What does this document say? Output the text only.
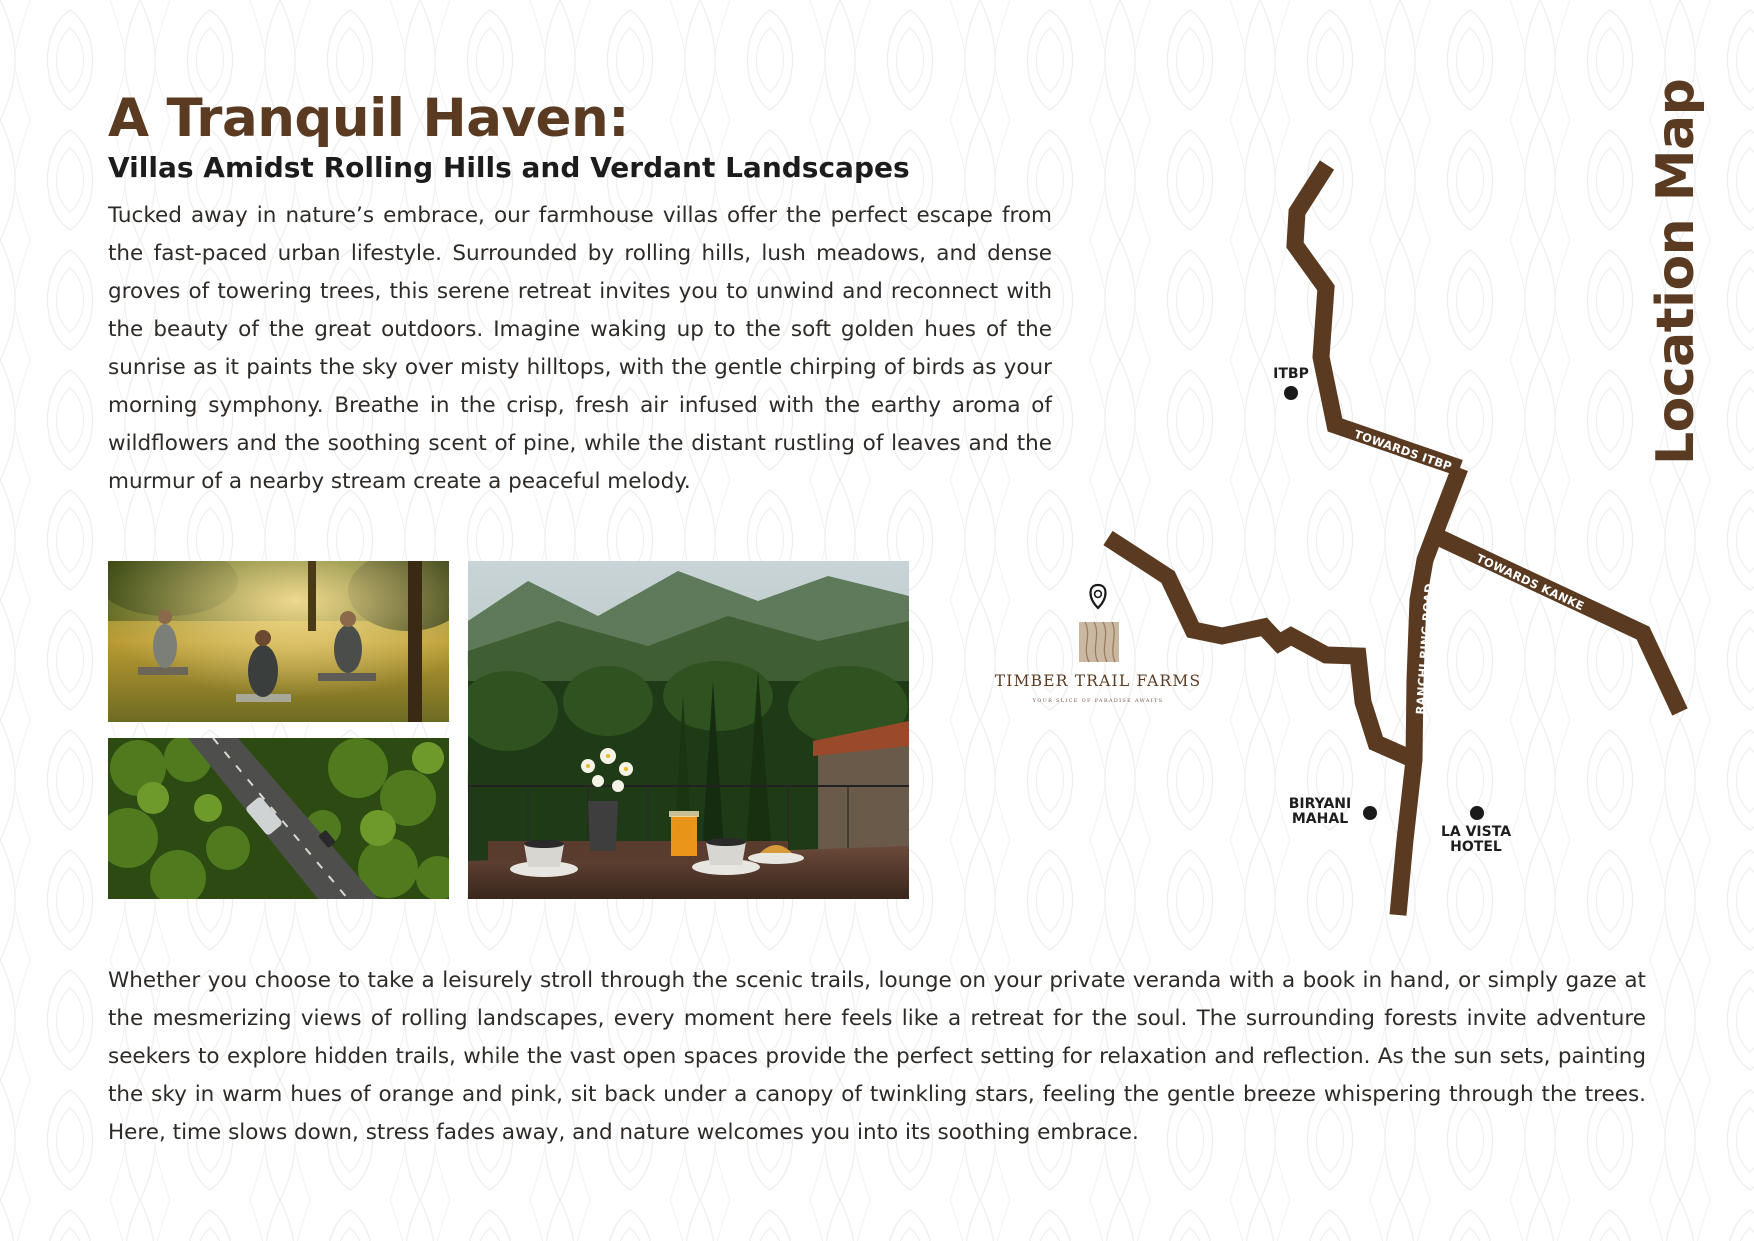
A Tranquil Haven:
Villas Amidst Rolling Hills and Verdant Landscapes
Tucked away in nature’s embrace, our farmhouse villas offer the perfect escape from the fast-paced urban lifestyle. Surrounded by rolling hills, lush meadows, and dense groves of towering trees, this serene retreat invites you to unwind and reconnect with the beauty of the great outdoors. Imagine waking up to the soft golden hues of the sunrise as it paints the sky over misty hilltops, with the gentle chirping of birds as your morning symphony. Breathe in the crisp, fresh air infused with the earthy aroma of wildflowers and the soothing scent of pine, while the distant rustling of leaves and the murmur of a nearby stream create a peaceful melody.
Whether you choose to take a leisurely stroll through the scenic trails, lounge on your private veranda with a book in hand, or simply gaze at the mesmerizing views of rolling landscapes, every moment here feels like a retreat for the soul. The surrounding forests invite adventure seekers to explore hidden trails, while the vast open spaces provide the perfect setting for relaxation and reflection. As the sun sets, painting the sky in warm hues of orange and pink, sit back under a canopy of twinkling stars, feeling the gentle breeze whispering through the trees. Here, time slows down, stress fades away, and nature welcomes you into its soothing embrace.
Location Map
ITBP
BIRYANI
MAHAL
LA VISTA
HOTEL
TOWARDS ITBP
TOWARDS KANKE
RANCHI RING ROAD
TIMBER TRAIL FARMS
YOUR SLICE OF PARADISE AWAITS
